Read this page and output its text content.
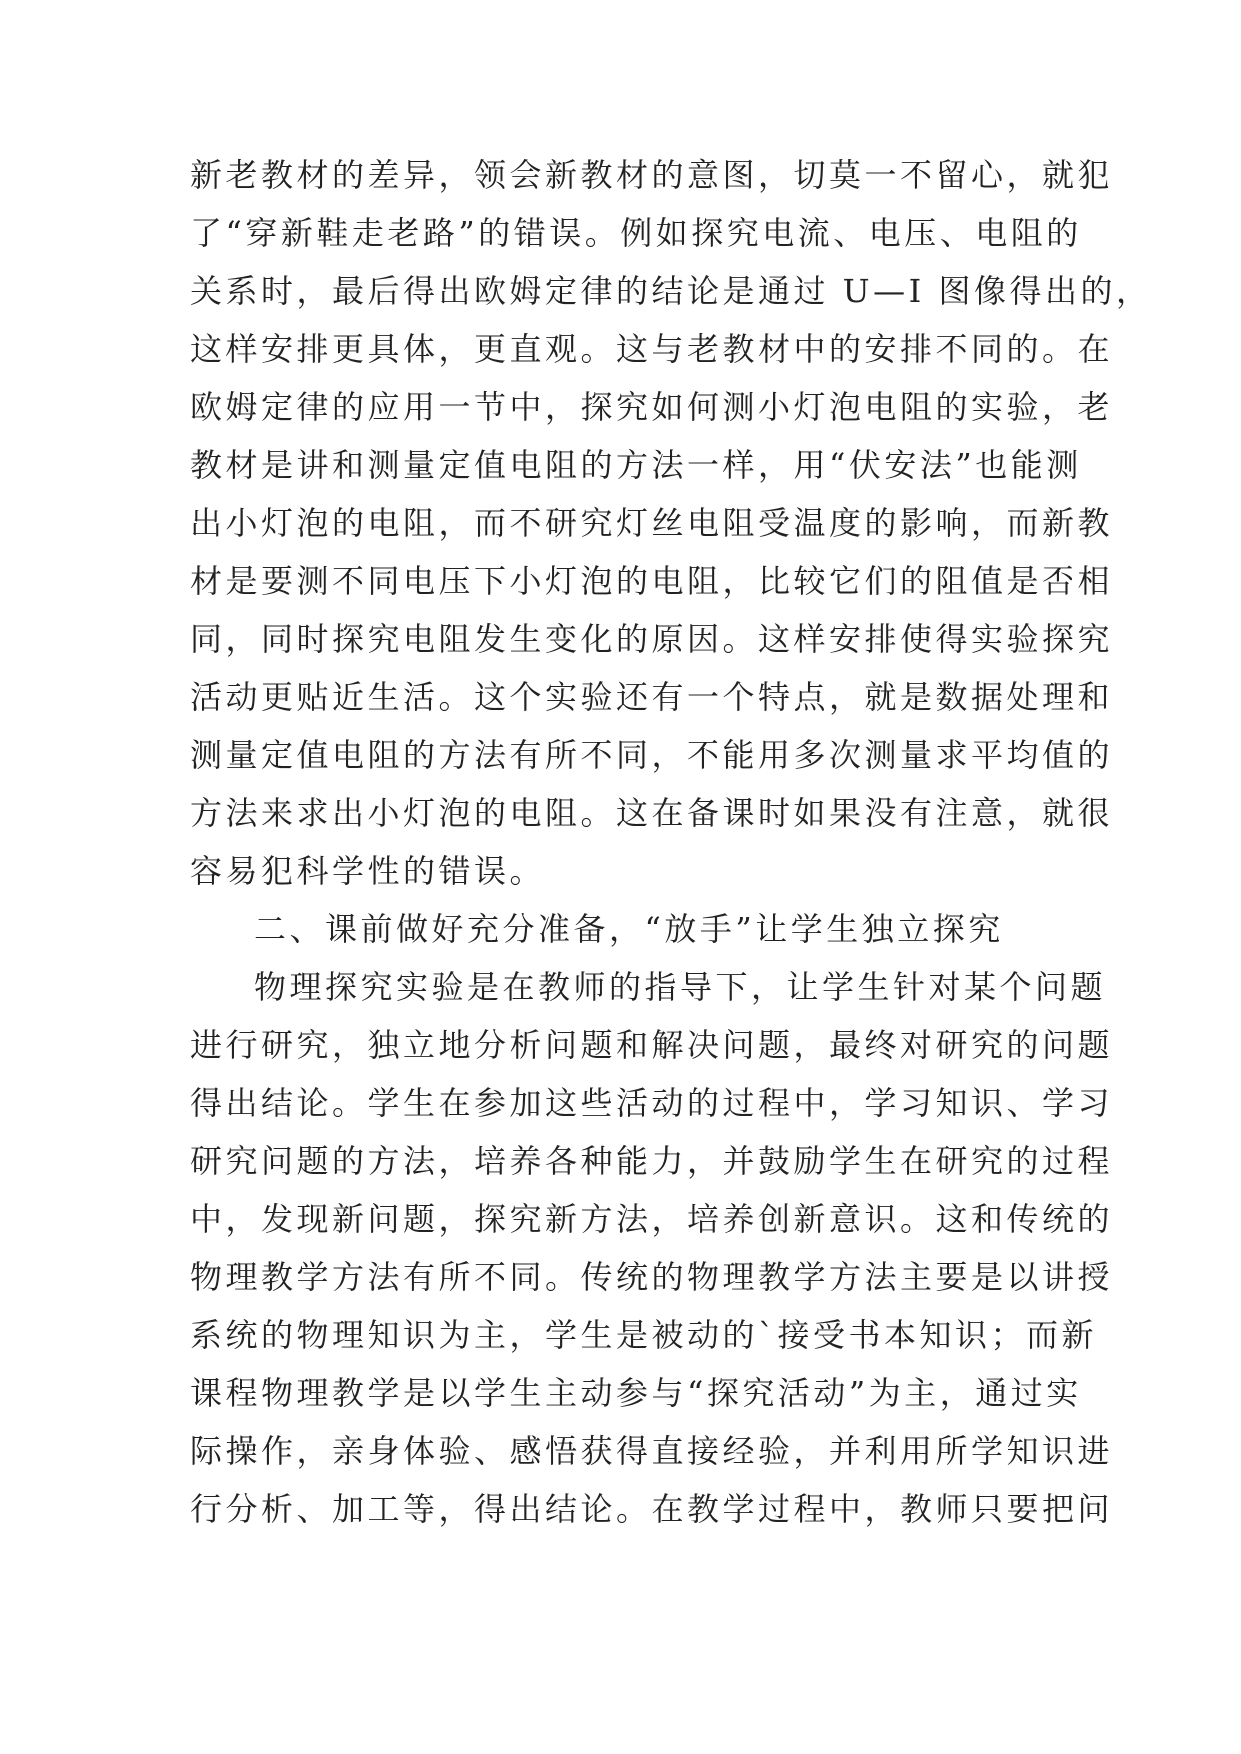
新老教材的差异，领会新教材的意图，切莫一不留心，就犯
了“穿新鞋走老路”的错误。例如探究电流、电压、电阻的
关系时，最后得出欧姆定律的结论是通过 U—I 图像得出的，
这样安排更具体，更直观。这与老教材中的安排不同的。在
欧姆定律的应用一节中，探究如何测小灯泡电阻的实验，老
教材是讲和测量定值电阻的方法一样，用“伏安法”也能测
出小灯泡的电阻，而不研究灯丝电阻受温度的影响，而新教
材是要测不同电压下小灯泡的电阻，比较它们的阻值是否相
同，同时探究电阻发生变化的原因。这样安排使得实验探究
活动更贴近生活。这个实验还有一个特点，就是数据处理和
测量定值电阻的方法有所不同，不能用多次测量求平均值的
方法来求出小灯泡的电阻。这在备课时如果没有注意，就很
容易犯科学性的错误。
二、课前做好充分准备，“放手”让学生独立探究
物理探究实验是在教师的指导下，让学生针对某个问题
进行研究，独立地分析问题和解决问题，最终对研究的问题
得出结论。学生在参加这些活动的过程中，学习知识、学习
研究问题的方法，培养各种能力，并鼓励学生在研究的过程
中，发现新问题，探究新方法，培养创新意识。这和传统的
物理教学方法有所不同。传统的物理教学方法主要是以讲授
系统的物理知识为主，学生是被动的`接受书本知识；而新
课程物理教学是以学生主动参与“探究活动”为主，通过实
际操作，亲身体验、感悟获得直接经验，并利用所学知识进
行分析、加工等，得出结论。在教学过程中，教师只要把问
